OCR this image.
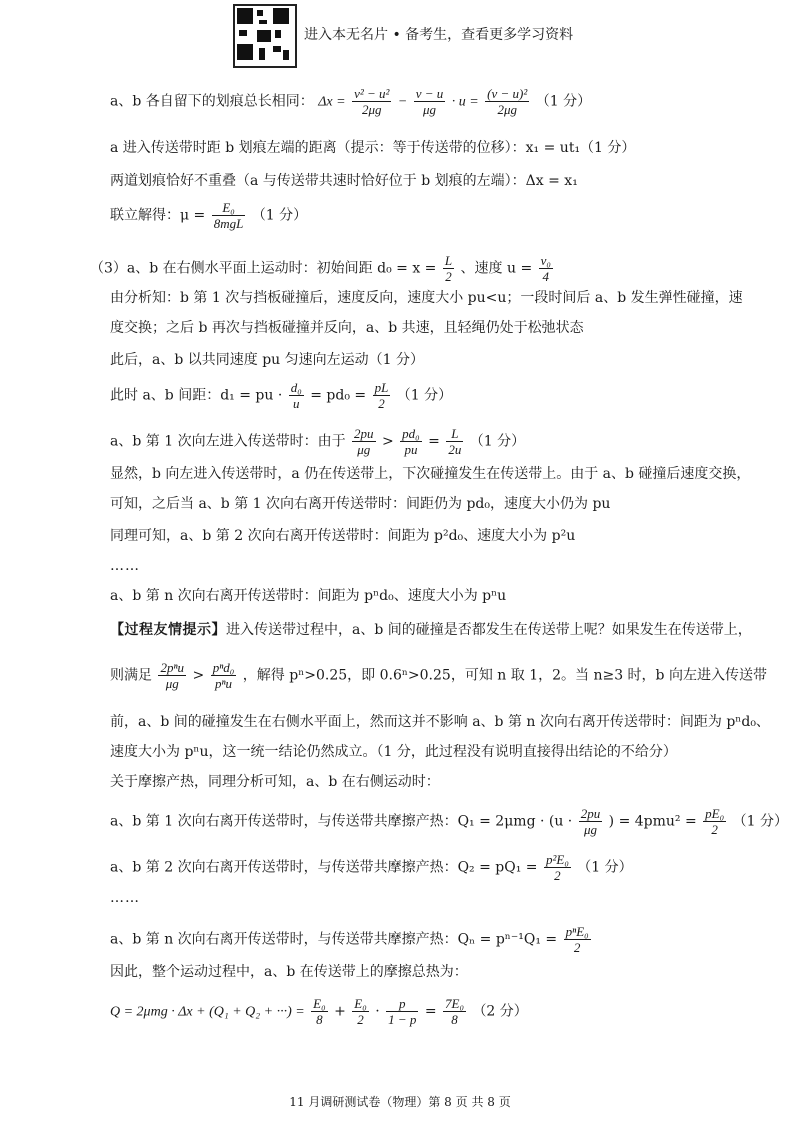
进入本无名片 • 备考生，查看更多学习资料
a、b 各自留下的划痕总长相同： $\Delta x = \frac{\text{v² − u²}}{2\mu g} - \frac{v - u}{\mu g} \cdot u = \frac{\text{(v − u)²}}{2\mu g} (1$ 分）
a 进入传送带时距 b 划痕左端的距离（提示：等于传送带的位移）：x₁ = ut₁（1 分）
两道划痕恰好不重叠（a 与传送带共速时恰好位于 b 划痕的左端）：Δx = x₁
联立解得：$\mu = \frac{\text{E₀}}{\text{8mgL}} (1$ 分）
（3）a、b 在右侧水平面上运动时：初始间距 $d_0 = x = \frac{L}{2}$ 、速度 $u = \frac{\text{v₀}}{4}$
由分析知：b 第 1 次与挡板碰撞后，速度反向，速度大小 pu<u；一段时间后 a、b 发生弹性碰撞，速
度交换；之后 b 再次与挡板碰撞并反向，a、b 共速，且轻绳仍处于松弛状态
此后，a、b 以共同速度 pu 匀速向左运动（1 分）
此时 a、b 间距：d₁ = pu · $\frac{\text{d₀}}{u} = pd_0 = \frac{pL}{2} (1$ 分）
a、b 第 1 次向左进入传送带时：由于 $\frac{2pu}{\mu g} > \frac{\text{pd₀}}{pu} = \frac{L}{2u} (1$ 分）
显然，b 向左进入传送带时，a 仍在传送带上，下次碰撞发生在传送带上。由于 a、b 碰撞后速度交换，
可知，之后当 a、b 第 1 次向右离开传送带时：间距仍为 pd₀，速度大小仍为 pu
同理可知，a、b 第 2 次向右离开传送带时：间距为 p²d₀、速度大小为 p²u
……
a、b 第 n 次向右离开传送带时：间距为 pⁿd₀、速度大小为 pⁿu
【过程友情提示】进入传送带过程中，a、b 间的碰撞是否都发生在传送带上呢？如果发生在传送带上，
则满足 $\frac{\text{2pⁿu}}{\mu g} > \frac{\text{pⁿd₀}}{\text{pⁿu}}$ ，解得 pⁿ>0.25，即 0.6ⁿ>0.25，可知 n 取 1，2。当 n≥3 时，b 向左进入传送带
前，a、b 间的碰撞发生在右侧水平面上，然而这并不影响 a、b 第 n 次向右离开传送带时：间距为 pⁿd₀、
速度大小为 pⁿu，这一统一结论仍然成立。（1 分，此过程没有说明直接得出结论的不给分）
关于摩擦产热，同理分析可知，a、b 在右侧运动时：
a、b 第 1 次向右离开传送带时，与传送带共摩擦产热：$Q_1 = 2\mu mg \cdot (u \cdot \frac{2pu}{\mu g}$ ) = $4pmu^2 = \frac{\text{pE₀}}{2} (1$ 分）
a、b 第 2 次向右离开传送带时，与传送带共摩擦产热：$Q_2 = pQ_1 = \frac{\text{p²E₀}}{2} (1$ 分）
……
a、b 第 n 次向右离开传送带时，与传送带共摩擦产热：$Q_n = p^{n-1}Q_1 = \frac{\text{pⁿE₀}}{2}$
因此，整个运动过程中，a、b 在传送带上的摩擦总热为：
Q = 2μmg · Δx + (Q₁ + Q₂ + ···) = $\frac{\text{E₀}}{8} + \frac{\text{E₀}}{2} \cdot \frac{p}{1 - p} = \frac{\text{7E₀}}{8} (2$ 分）
11 月调研测试卷（物理）第 8 页 共 8 页
